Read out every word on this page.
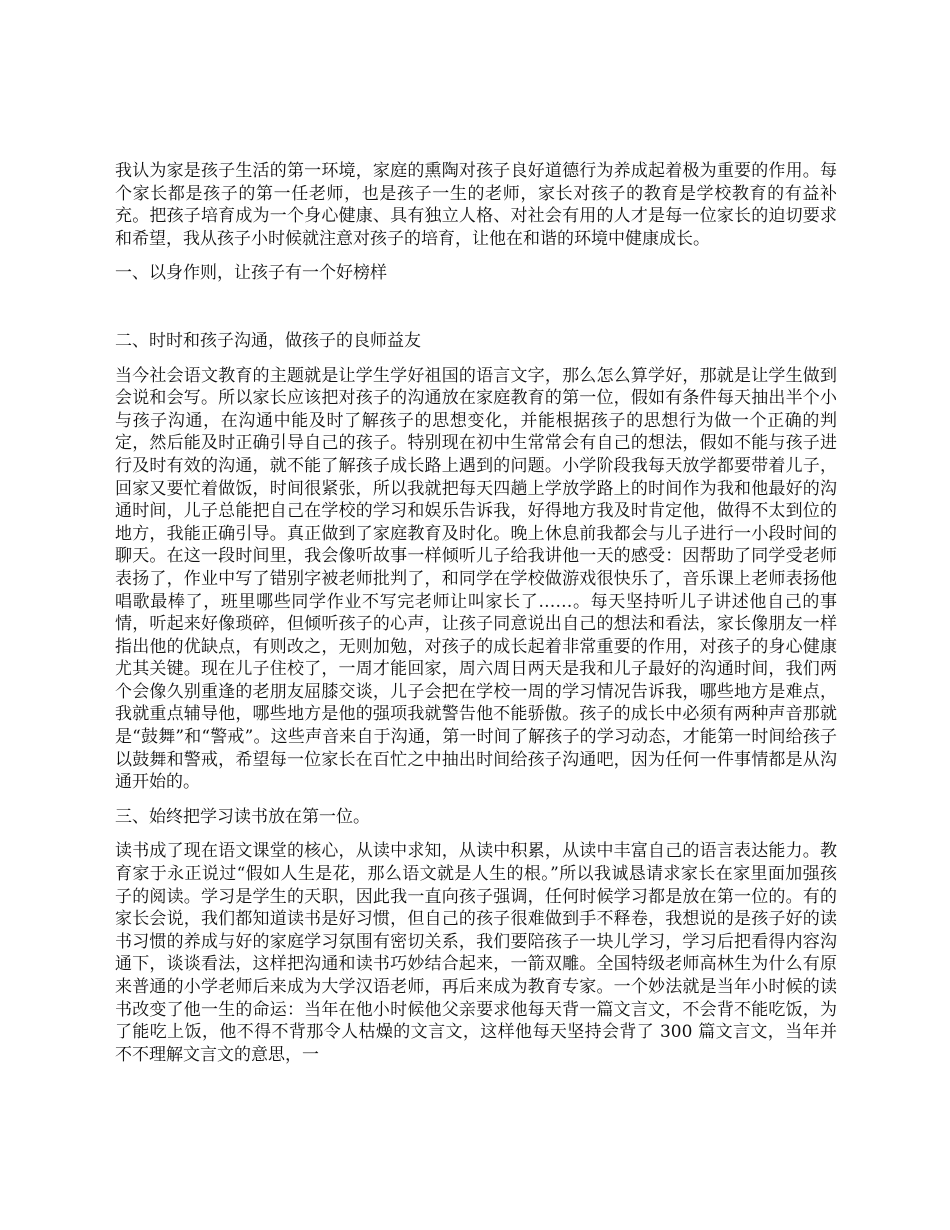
我认为家是孩子生活的第一环境，家庭的熏陶对孩子良好道德行为养成起着极为重要的作用。每个家长都是孩子的第一任老师，也是孩子一生的老师，家长对孩子的教育是学校教育的有益补充。把孩子培育成为一个身心健康、具有独立人格、对社会有用的人才是每一位家长的迫切要求和希望，我从孩子小时候就注意对孩子的培育，让他在和谐的环境中健康成长。

一、以身作则，让孩子有一个好榜样

二、时时和孩子沟通，做孩子的良师益友

当今社会语文教育的主题就是让学生学好祖国的语言文字，那么怎么算学好，那就是让学生做到会说和会写。所以家长应该把对孩子的沟通放在家庭教育的第一位，假如有条件每天抽出半个小与孩子沟通，在沟通中能及时了解孩子的思想变化，并能根据孩子的思想行为做一个正确的判定，然后能及时正确引导自己的孩子。特别现在初中生常常会有自己的想法，假如不能与孩子进行及时有效的沟通，就不能了解孩子成长路上遇到的问题。小学阶段我每天放学都要带着儿子，回家又要忙着做饭，时间很紧张，所以我就把每天四趟上学放学路上的时间作为我和他最好的沟通时间，儿子总能把自己在学校的学习和娱乐告诉我，好得地方我及时肯定他，做得不太到位的地方，我能正确引导。真正做到了家庭教育及时化。晚上休息前我都会与儿子进行一小段时间的聊天。在这一段时间里，我会像听故事一样倾听儿子给我讲他一天的感受：因帮助了同学受老师表扬了，作业中写了错别字被老师批判了，和同学在学校做游戏很快乐了，音乐课上老师表扬他唱歌最棒了，班里哪些同学作业不写完老师让叫家长了……。每天坚持听儿子讲述他自己的事情，听起来好像琐碎，但倾听孩子的心声，让孩子同意说出自己的想法和看法，家长像朋友一样指出他的优缺点，有则改之，无则加勉，对孩子的成长起着非常重要的作用，对孩子的身心健康尤其关键。现在儿子住校了，一周才能回家，周六周日两天是我和儿子最好的沟通时间，我们两个会像久别重逢的老朋友屈膝交谈，儿子会把在学校一周的学习情况告诉我，哪些地方是难点，我就重点辅导他，哪些地方是他的强项我就警告他不能骄傲。孩子的成长中必须有两种声音那就是“鼓舞”和“警戒”。这些声音来自于沟通，第一时间了解孩子的学习动态，才能第一时间给孩子以鼓舞和警戒，希望每一位家长在百忙之中抽出时间给孩子沟通吧，因为任何一件事情都是从沟通开始的。

三、始终把学习读书放在第一位。

读书成了现在语文课堂的核心，从读中求知，从读中积累，从读中丰富自己的语言表达能力。教育家于永正说过“假如人生是花，那么语文就是人生的根。”所以我诚恳请求家长在家里面加强孩子的阅读。学习是学生的天职，因此我一直向孩子强调，任何时候学习都是放在第一位的。有的家长会说，我们都知道读书是好习惯，但自己的孩子很难做到手不释卷，我想说的是孩子好的读书习惯的养成与好的家庭学习氛围有密切关系，我们要陪孩子一块儿学习，学习后把看得内容沟通下，谈谈看法，这样把沟通和读书巧妙结合起来，一箭双雕。全国特级老师高林生为什么有原来普通的小学老师后来成为大学汉语老师，再后来成为教育专家。一个妙法就是当年小时候的读书改变了他一生的命运：当年在他小时候他父亲要求他每天背一篇文言文，不会背不能吃饭，为了能吃上饭，他不得不背那令人枯燥的文言文，这样他每天坚持会背了 300 篇文言文，当年并不不理解文言文的意思，一
